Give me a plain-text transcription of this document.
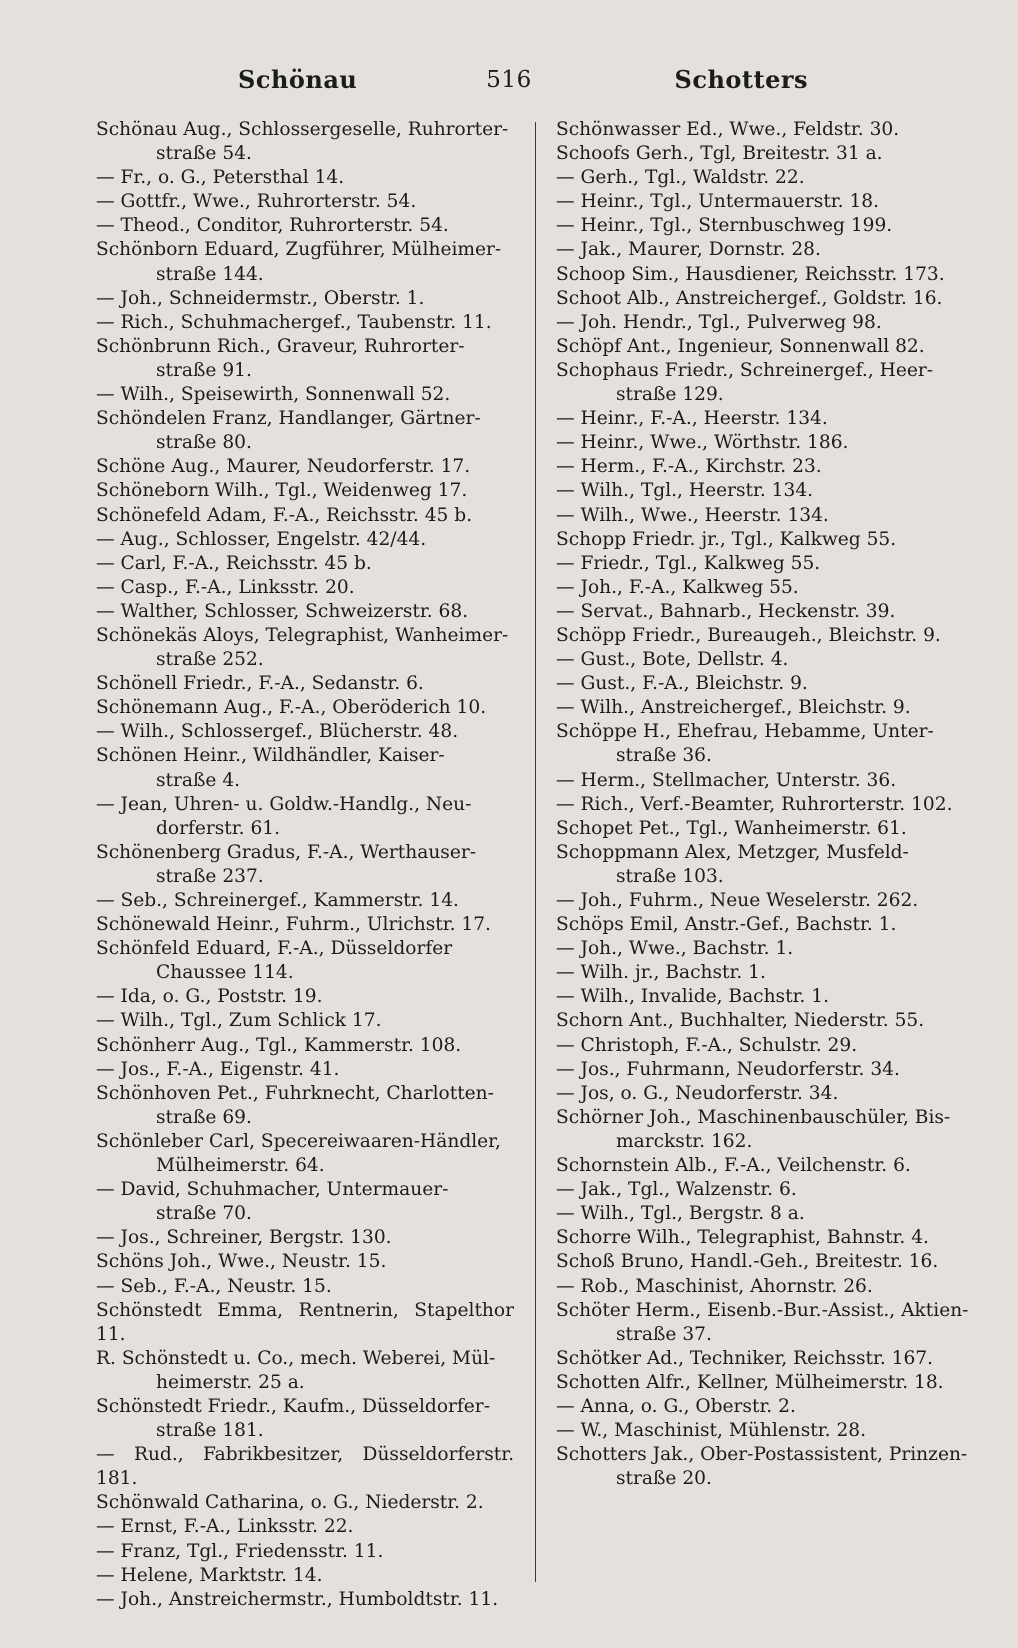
516
Schönau	Schotters
Schönau Aug., Schlossergeselle, Ruhrorter-
straße 54.
— Fr., o. G., Petersthal 14.
— Gottfr., Wwe., Ruhrorterstr. 54.
— Theod., Conditor, Ruhrorterstr. 54.
Schönborn Eduard, Zugführer, Mülheimer-
straße 144.
— Joh., Schneidermstr., Oberstr. 1.
— Rich., Schuhmachergef., Taubenstr. 11.
Schönbrunn Rich., Graveur, Ruhrorter-
straße 91.
— Wilh., Speisewirth, Sonnenwall 52.
Schöndelen Franz, Handlanger, Gärtner-
straße 80.
Schöne Aug., Maurer, Neudorferstr. 17.
Schöneborn Wilh., Tgl., Weidenweg 17.
Schönefeld Adam, F.-A., Reichsstr. 45 b.
— Aug., Schlosser, Engelstr. 42/44.
— Carl, F.-A., Reichsstr. 45 b.
— Casp., F.-A., Linksstr. 20.
— Walther, Schlosser, Schweizerstr. 68.
Schönekäs Aloys, Telegraphist, Wanheimer-
straße 252.
Schönell Friedr., F.-A., Sedanstr. 6.
Schönemann Aug., F.-A., Oberöderich 10.
— Wilh., Schlossergef., Blücherstr. 48.
Schönen Heinr., Wildhändler, Kaiser-
straße 4.
— Jean, Uhren- u. Goldw.-Handlg., Neu-
dorferstr. 61.
Schönenberg Gradus, F.-A., Werthauser-
straße 237.
— Seb., Schreinergef., Kammerstr. 14.
Schönewald Heinr., Fuhrm., Ulrichstr. 17.
Schönfeld Eduard, F.-A., Düsseldorfer
Chaussee 114.
— Ida, o. G., Poststr. 19.
— Wilh., Tgl., Zum Schlick 17.
Schönherr Aug., Tgl., Kammerstr. 108.
— Jos., F.-A., Eigenstr. 41.
Schönhoven Pet., Fuhrknecht, Charlotten-
straße 69.
Schönleber Carl, Specereiwaaren-Händler,
Mülheimerstr. 64.
— David, Schuhmacher, Untermauer-
straße 70.
— Jos., Schreiner, Bergstr. 130.
Schöns Joh., Wwe., Neustr. 15.
— Seb., F.-A., Neustr. 15.
Schönstedt Emma, Rentnerin, Stapelthor 11.
R. Schönstedt u. Co., mech. Weberei, Mül-
heimerstr. 25 a.
Schönstedt Friedr., Kaufm., Düsseldorfer-
straße 181.
— Rud., Fabrikbesitzer, Düsseldorferstr. 181.
Schönwald Catharina, o. G., Niederstr. 2.
— Ernst, F.-A., Linksstr. 22.
— Franz, Tgl., Friedensstr. 11.
— Helene, Marktstr. 14.
— Joh., Anstreichermstr., Humboldtstr. 11.
Schönwasser Ed., Wwe., Feldstr. 30.
Schoofs Gerh., Tgl, Breitestr. 31 a.
— Gerh., Tgl., Waldstr. 22.
— Heinr., Tgl., Untermauerstr. 18.
— Heinr., Tgl., Sternbuschweg 199.
— Jak., Maurer, Dornstr. 28.
Schoop Sim., Hausdiener, Reichsstr. 173.
Schoot Alb., Anstreichergef., Goldstr. 16.
— Joh. Hendr., Tgl., Pulverweg 98.
Schöpf Ant., Ingenieur, Sonnenwall 82.
Schophaus Friedr., Schreinergef., Heer-
straße 129.
— Heinr., F.-A., Heerstr. 134.
— Heinr., Wwe., Wörthstr. 186.
— Herm., F.-A., Kirchstr. 23.
— Wilh., Tgl., Heerstr. 134.
— Wilh., Wwe., Heerstr. 134.
Schopp Friedr. jr., Tgl., Kalkweg 55.
— Friedr., Tgl., Kalkweg 55.
— Joh., F.-A., Kalkweg 55.
— Servat., Bahnarb., Heckenstr. 39.
Schöpp Friedr., Bureaugeh., Bleichstr. 9.
— Gust., Bote, Dellstr. 4.
— Gust., F.-A., Bleichstr. 9.
— Wilh., Anstreichergef., Bleichstr. 9.
Schöppe H., Ehefrau, Hebamme, Unter-
straße 36.
— Herm., Stellmacher, Unterstr. 36.
— Rich., Verf.-Beamter, Ruhrorterstr. 102.
Schopet Pet., Tgl., Wanheimerstr. 61.
Schoppmann Alex, Metzger, Musfeld-
straße 103.
— Joh., Fuhrm., Neue Weselerstr. 262.
Schöps Emil, Anstr.-Gef., Bachstr. 1.
— Joh., Wwe., Bachstr. 1.
— Wilh. jr., Bachstr. 1.
— Wilh., Invalide, Bachstr. 1.
Schorn Ant., Buchhalter, Niederstr. 55.
— Christoph, F.-A., Schulstr. 29.
— Jos., Fuhrmann, Neudorferstr. 34.
— Jos, o. G., Neudorferstr. 34.
Schörner Joh., Maschinenbauschüler, Bis-
marckstr. 162.
Schornstein Alb., F.-A., Veilchenstr. 6.
— Jak., Tgl., Walzenstr. 6.
— Wilh., Tgl., Bergstr. 8 a.
Schorre Wilh., Telegraphist, Bahnstr. 4.
Schoß Bruno, Handl.-Geh., Breitestr. 16.
— Rob., Maschinist, Ahornstr. 26.
Schöter Herm., Eisenb.-Bur.-Assist., Aktien-
straße 37.
Schötker Ad., Techniker, Reichsstr. 167.
Schotten Alfr., Kellner, Mülheimerstr. 18.
— Anna, o. G., Oberstr. 2.
— W., Maschinist, Mühlenstr. 28.
Schotters Jak., Ober-Postassistent, Prinzen-
straße 20.
